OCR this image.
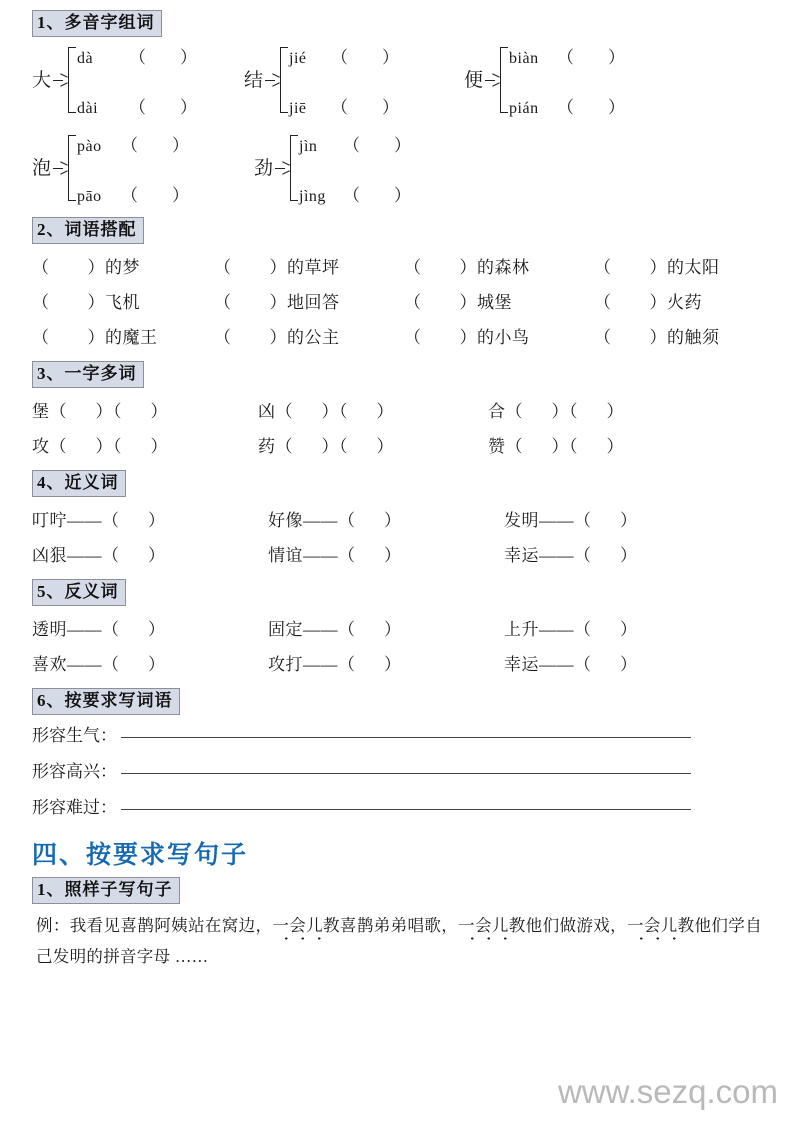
1、多音字组词
大
dà	（        ）
dài	（        ）
结
jié	（        ）
jiē	（        ）
便
biàn	（        ）
pián	（        ）
泡
pào	（        ）
pāo	（        ）
劲
jìn	（        ）
jìng	（        ）
2、词语搭配
（        ）的梦	（        ）的草坪	（        ）的森林	（        ）的太阳
（        ）飞机	（        ）地回答	（        ）城堡	（        ）火药
（        ）的魔王	（        ）的公主	（        ）的小鸟	（        ）的触须
3、一字多词
堡（      ）（      ）	凶（      ）（      ）	合（      ）（      ）
攻（      ）（      ）	药（      ）（      ）	赞（      ）（      ）
4、近义词
叮咛——（      ）	好像——（      ）	发明——（      ）
凶狠——（      ）	情谊——（      ）	幸运——（      ）
5、反义词
透明——（      ）	固定——（      ）	上升——（      ）
喜欢——（      ）	攻打——（      ）	幸运——（      ）
6、按要求写词语
形容生气：
形容高兴：
形容难过：
四、按要求写句子
1、照样子写句子
例：我看见喜鹊阿姨站在窝边，一会儿教喜鹊弟弟唱歌，一会儿教他们做游戏，一会儿教他们学自己发明的拼音字母 ……
www.sezq.com
